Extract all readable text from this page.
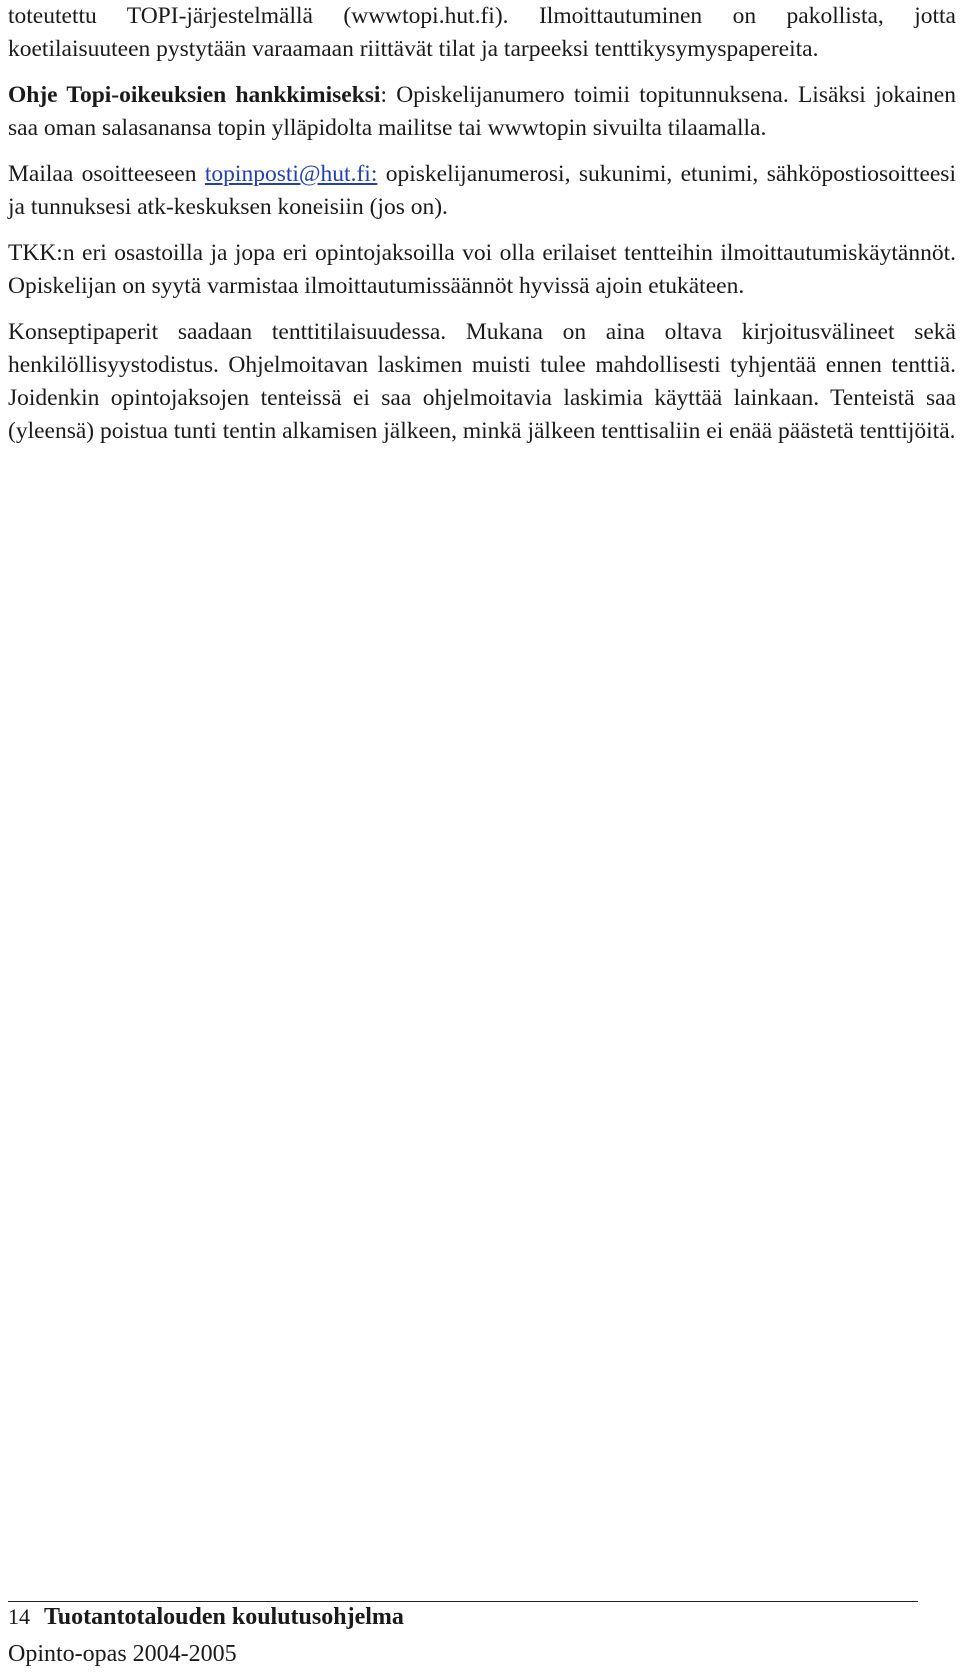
toteutettu TOPI-järjestelmällä (wwwtopi.hut.fi). Ilmoittautuminen on pakollista, jotta koetilaisuuteen pystytään varaamaan riittävät tilat ja tarpeeksi tenttikysymyspapereita.

Ohje Topi-oikeuksien hankkimiseksi: Opiskelijanumero toimii topitunnuksena. Lisäksi jokainen saa oman salasanansa topin ylläpidolta mailitse tai wwwtopin sivuilta tilaamalla.

Mailaa osoitteeseen topinposti@hut.fi: opiskelijanumerosi, sukunimi, etunimi, sähköpostiosoitteesi ja tunnuksesi atk-keskuksen koneisiin (jos on).

TKK:n eri osastoilla ja jopa eri opintojaksoilla voi olla erilaiset tentteihin ilmoittautumiskäytännöt. Opiskelijan on syytä varmistaa ilmoittautumissäännöt hyvissä ajoin etukäteen.

Konseptipaperit saadaan tenttitilaisuudessa. Mukana on aina oltava kirjoitusvälineet sekä henkilöllisyystodistus. Ohjelmoitavan laskimen muisti tulee mahdollisesti tyhjentää ennen tenttiä. Joidenkin opintojaksojen tenteissä ei saa ohjelmoitavia laskimia käyttää lainkaan. Tenteistä saa (yleensä) poistua tunti tentin alkamisen jälkeen, minkä jälkeen tenttisaliin ei enää päästetä tenttijöitä.

14 Tuotantotalouden koulutusohjelma
Opinto-opas 2004-2005
